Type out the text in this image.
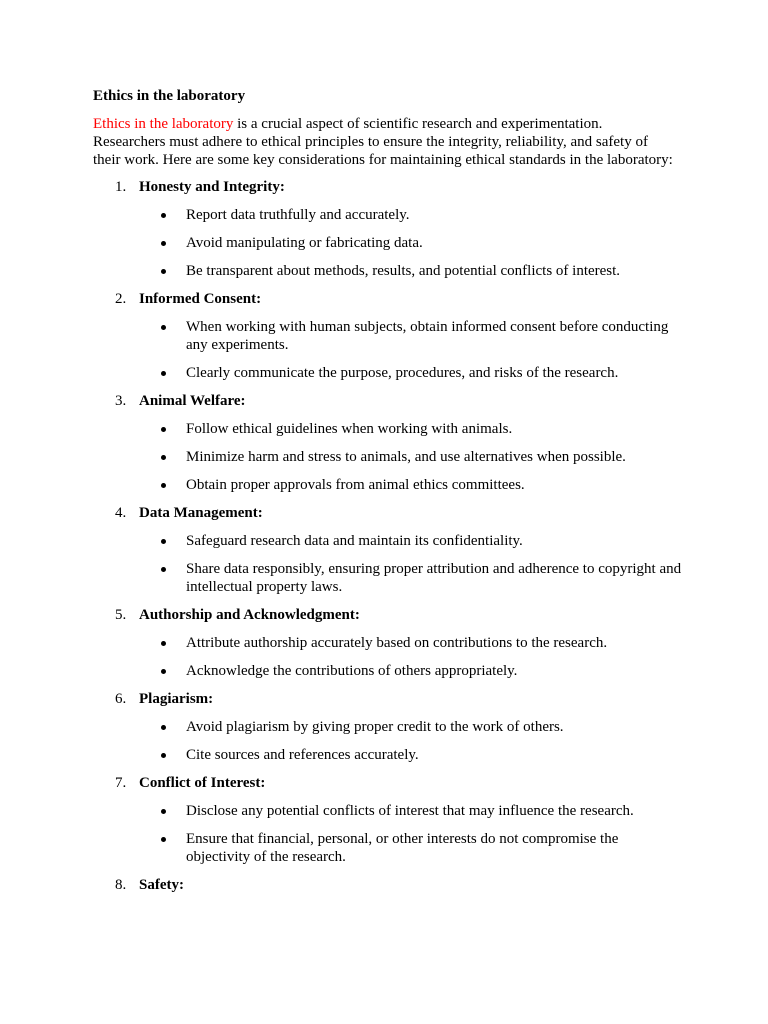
Ethics in the laboratory

Ethics in the laboratory is a crucial aspect of scientific research and experimentation. Researchers must adhere to ethical principles to ensure the integrity, reliability, and safety of their work. Here are some key considerations for maintaining ethical standards in the laboratory:

1. Honesty and Integrity:
Report data truthfully and accurately.
Avoid manipulating or fabricating data.
Be transparent about methods, results, and potential conflicts of interest.
2. Informed Consent:
When working with human subjects, obtain informed consent before conducting any experiments.
Clearly communicate the purpose, procedures, and risks of the research.
3. Animal Welfare:
Follow ethical guidelines when working with animals.
Minimize harm and stress to animals, and use alternatives when possible.
Obtain proper approvals from animal ethics committees.
4. Data Management:
Safeguard research data and maintain its confidentiality.
Share data responsibly, ensuring proper attribution and adherence to copyright and intellectual property laws.
5. Authorship and Acknowledgment:
Attribute authorship accurately based on contributions to the research.
Acknowledge the contributions of others appropriately.
6. Plagiarism:
Avoid plagiarism by giving proper credit to the work of others.
Cite sources and references accurately.
7. Conflict of Interest:
Disclose any potential conflicts of interest that may influence the research.
Ensure that financial, personal, or other interests do not compromise the objectivity of the research.
8. Safety:
